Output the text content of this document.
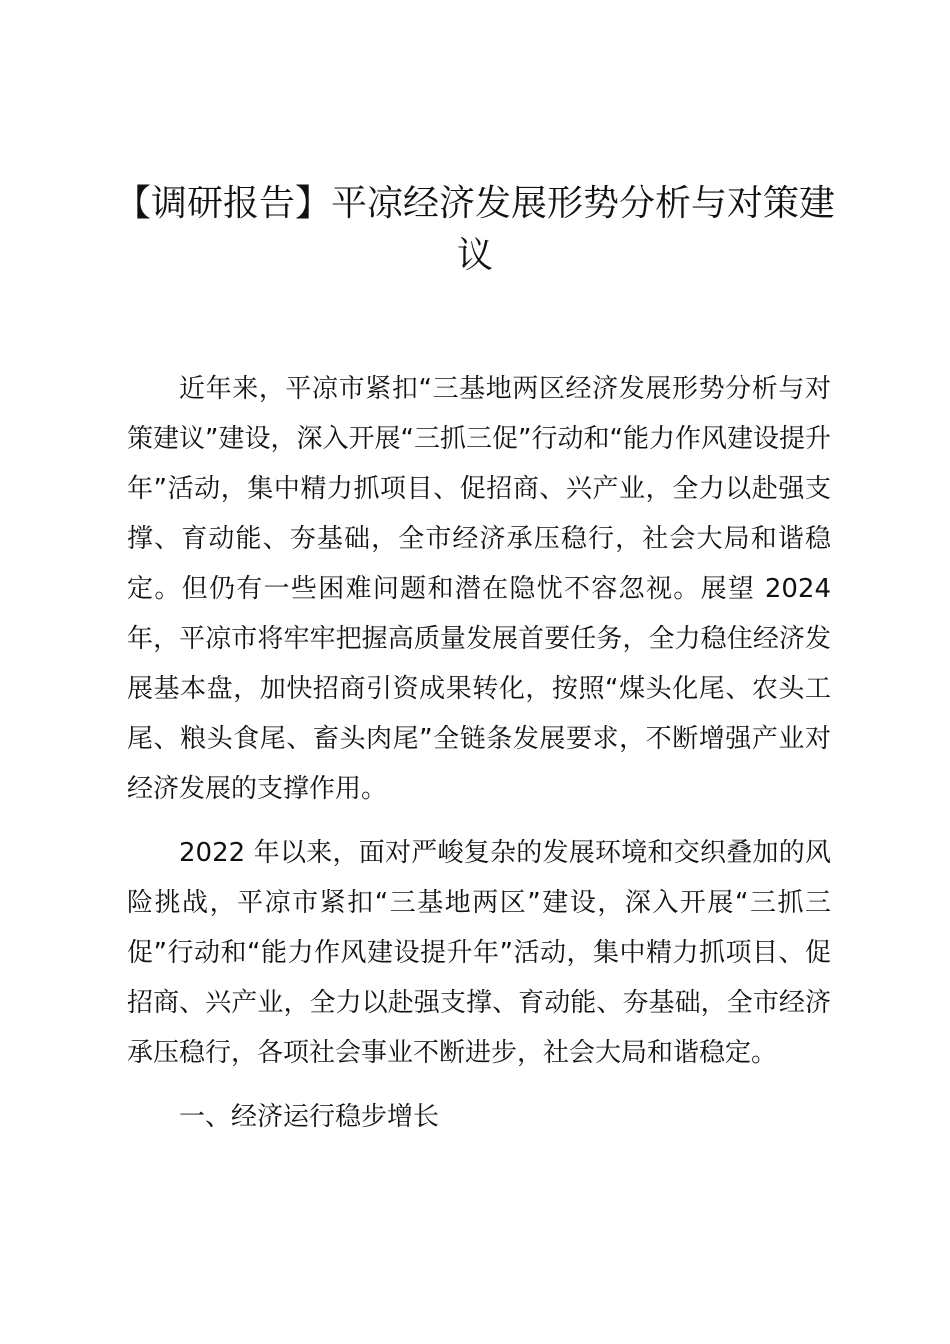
【调研报告】平凉经济发展形势分析与对策建议

近年来，平凉市紧扣“三基地两区经济发展形势分析与对策建议”建设，深入开展“三抓三促”行动和“能力作风建设提升年”活动，集中精力抓项目、促招商、兴产业，全力以赴强支撑、育动能、夯基础，全市经济承压稳行，社会大局和谐稳定。但仍有一些困难问题和潜在隐忧不容忽视。展望 2024 年，平凉市将牢牢把握高质量发展首要任务，全力稳住经济发展基本盘，加快招商引资成果转化，按照“煤头化尾、农头工尾、粮头食尾、畜头肉尾”全链条发展要求，不断增强产业对经济发展的支撑作用。

2022 年以来，面对严峻复杂的发展环境和交织叠加的风险挑战，平凉市紧扣“三基地两区”建设，深入开展“三抓三促”行动和“能力作风建设提升年”活动，集中精力抓项目、促招商、兴产业，全力以赴强支撑、育动能、夯基础，全市经济承压稳行，各项社会事业不断进步，社会大局和谐稳定。

一、经济运行稳步增长
